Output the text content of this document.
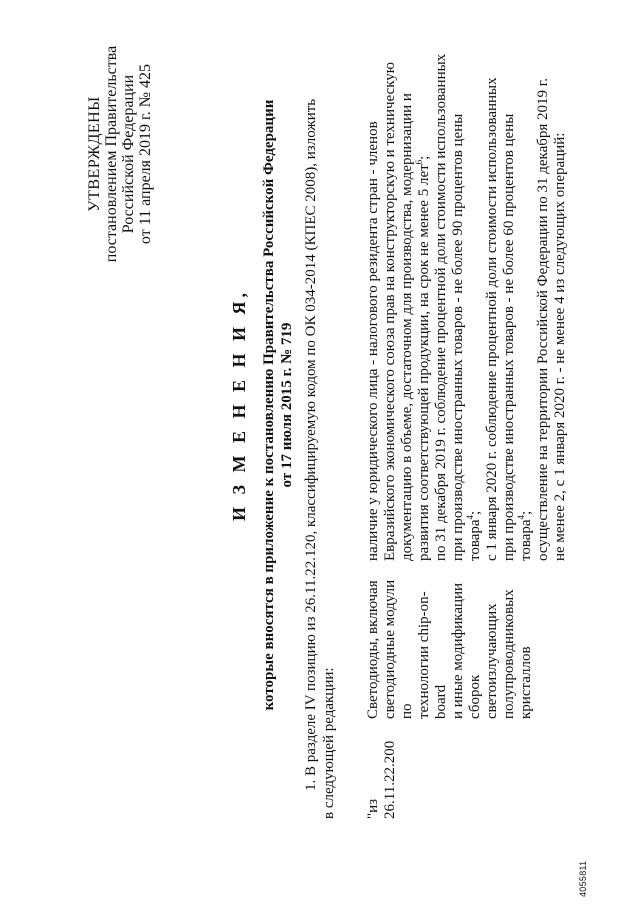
4055811
УТВЕРЖДЕНЫ постановлением Правительства Российской Федерации от 11 апреля 2019 г. № 425
И З М Е Н Е Н И Я, которые вносятся в приложение к постановлению Правительства Российской Федерации от 17 июля 2015 г. № 719 1. В разделе IV позицию из 26.11.22.120, классифицируемую кодом по ОК 034-2014 (КПЕС 2008), изложить в следующей редакции: "из 26.11.22.200
Светодиоды, включая светодиодные модули по технологии chip-on-board и иные модификации сборок светоизлучающих полупроводниковых кристаллов
наличие у юридического лица - налогового резидента стран - членов Евразийского экономического союза прав на конструкторскую и техническую документацию в объеме, достаточном для производства, модернизации и развития соответствующей продукции, на срок не менее 5 лет$^6$; по 31 декабря 2019 г. соблюдение процентной доли стоимости использованных при производстве иностранных товаров - не более 90 процентов цены товара$^4$; с 1 января 2020 г. соблюдение процентной доли стоимости использованных при производстве иностранных товаров - не более 60 процентов цены товара$^4$; осуществление на территории Российской Федерации по 31 декабря 2019 г. не менее 2, с 1 января 2020 г. - не менее 4 из следующих операций:
